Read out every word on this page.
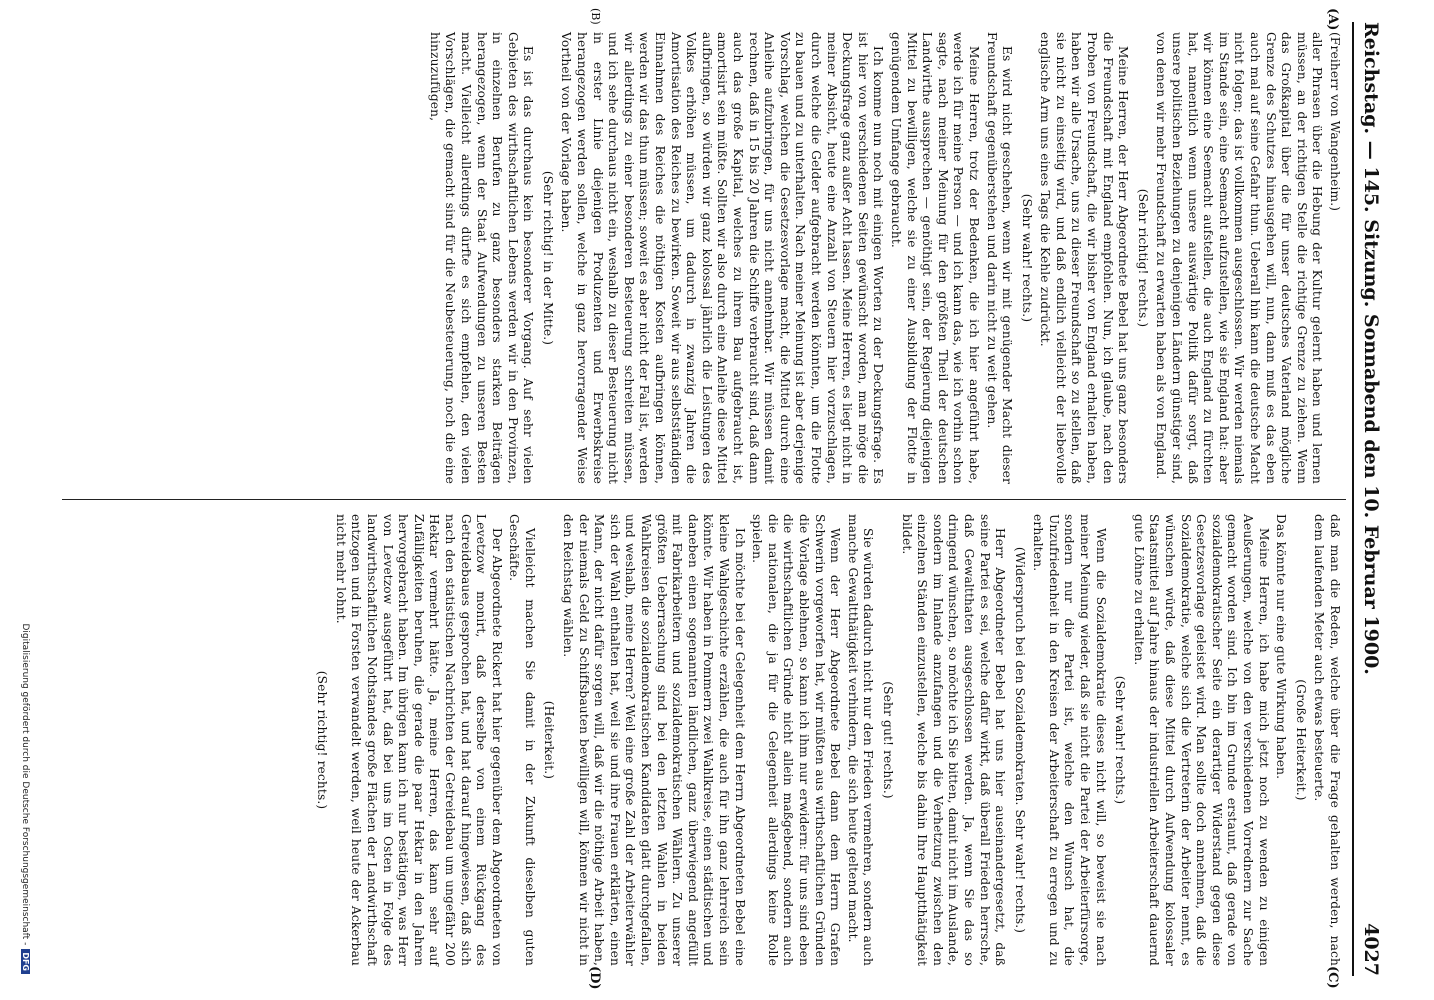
Reichstag. — 145. Sitzung. Sonnabend den 10. Februar 1900.
4027
(A)
(B)
(C)
(D)

(Freiherr von Wangenheim.)

aller Phrasen über die Hebung der Kultur gelernt haben und lernen müssen, an der richtigen Stelle die richtige Grenze zu ziehen. Wenn das Großkapital über die für unser deutsches Vaterland mögliche Grenze des Schutzes hinausgehen will, nun, dann muß es das eben auch mal auf seine Gefahr thun. Ueberall hin kann die deutsche Macht nicht folgen; das ist vollkommen ausgeschlossen. Wir werden niemals im Stande sein, eine Seemacht aufzustellen, wie sie England hat: aber wir können eine Seemacht aufstellen, die auch England zu fürchten hat, namentlich wenn unsere auswärtige Politik dafür sorgt, daß unsere politischen Beziehungen zu denjenigen Ländern günstiger sind, von denen wir mehr Freundschaft zu erwarten haben als von England.

(Sehr richtig! rechts.)

Meine Herren, der Herr Abgeordnete Bebel hat uns ganz besonders die Freundschaft mit England empfohlen. Nun, ich glaube, nach den Proben von Freundschaft, die wir bisher von England erhalten haben, haben wir alle Ursache, uns zu dieser Freundschaft so zu stellen, daß sie nicht zu einseitig wird, und daß endlich vielleicht der liebevolle englische Arm uns eines Tags die Kehle zudrückt.

(Sehr wahr! rechts.)

Es wird nicht geschehen, wenn wir mit genügender Macht dieser Freundschaft gegenüberstehen und darin nicht zu weit gehen.

Meine Herren, trotz der Bedenken, die ich hier angeführt habe, werde ich für meine Person — und ich kann das, wie ich vorhin schon sagte, nach meiner Meinung für den größten Theil der deutschen Landwirthe aussprechen — genöthigt sein, der Regierung diejenigen Mittel zu bewilligen, welche sie zu einer Ausbildung der Flotte in genügendem Umfange gebraucht.

Ich komme nun noch mit einigen Worten zu der Deckungsfrage. Es ist hier von verschiedenen Seiten gewünscht worden, man möge die Deckungsfrage ganz außer Acht lassen. Meine Herren, es liegt nicht in meiner Absicht, heute eine Anzahl von Steuern hier vorzuschlagen, durch welche die Gelder aufgebracht werden könnten, um die Flotte zu bauen und zu unterhalten. Nach meiner Meinung ist aber derjenige Vorschlag, welchen die Gesetzesvorlage macht, die Mittel durch eine Anleihe aufzubringen, für uns nicht annehmbar. Wir müssen damit rechnen, daß in 15 bis 20 Jahren die Schiffe verbraucht sind, daß dann auch das große Kapital, welches zu ihrem Bau aufgebraucht ist, amortisirt sein müßte. Sollten wir also durch eine Anleihe diese Mittel aufbringen, so würden wir ganz kolossal jährlich die Leistungen des Volkes erhöhen müssen, um dadurch in zwanzig Jahren die Amortisation des Reiches zu bewirken. Soweit wir aus selbstständigen Einnahmen des Reiches die nöthigen Kosten aufbringen können, werden wir das thun müssen; soweit es aber nicht der Fall ist, werden wir allerdings zu einer besonderen Besteuerung schreiten müssen, und ich sehe durchaus nicht ein, weshalb zu dieser Besteuerung nicht in erster Linie diejenigen Produzenten und Erwerbskreise herangezogen werden sollen, welche in ganz hervorragender Weise Vortheil von der Vorlage haben.

(Sehr richtig! in der Mitte.)

Es ist das durchaus kein besonderer Vorgang. Auf sehr vielen Gebieten des wirthschaftlichen Lebens werden wir in den Provinzen, in einzelnen Berufen zu ganz besonders starken Beiträgen herangezogen, wenn der Staat Aufwendungen zu unseren Besten macht. Vielleicht allerdings dürfte es sich empfehlen, den vielen Vorschlägen, die gemacht sind für die Neubesteuerung, noch die eine hinzuzufügen,

daß man die Reden, welche über die Frage gehalten werden, nach dem laufenden Meter auch etwas besteuerte.

(Große Heiterkeit.)

Das könnte nur eine gute Wirkung haben.

Meine Herren, ich habe mich jetzt noch zu wenden zu einigen Aeußerungen, welche von den verschiedenen Vorrednern zur Sache gemacht worden sind. Ich bin im Grunde erstaunt, daß gerade von sozialdemokratischer Seite ein derartiger Widerstand gegen diese Gesetzesvorlage geleistet wird. Man sollte doch annehmen, daß die Sozialdemokratie, welche sich die Vertreterin der Arbeiter nennt, es wünschen würde, daß diese Mittel durch Aufwendung kolossaler Staatsmittel auf Jahre hinaus der industriellen Arbeiterschaft dauernd gute Löhne zu erhalten.

(Sehr wahr! rechts.)

Wenn die Sozialdemokratie dieses nicht will, so beweist sie nach meiner Meinung wieder, daß sie nicht die Partei der Arbeiterfürsorge, sondern nur die Partei ist, welche den Wunsch hat, die Unzufriedenheit in den Kreisen der Arbeiterschaft zu erregen und zu erhalten.

(Widerspruch bei den Sozialdemokraten. Sehr wahr! rechts.)

Herr Abgeordneter Bebel hat uns hier auseinandergesetzt, daß seine Partei es sei, welche dafür wirkt, daß überall Frieden herrsche, daß Gewaltthaten ausgeschlossen werden. Ja, wenn Sie das so dringend wünschen, so möchte ich Sie bitten, damit nicht im Auslande, sondern im Inlande anzufangen und die Verhetzung zwischen den einzelnen Ständen einzustellen, welche bis dahin Ihre Hauptthätigkeit bildet.

(Sehr gut! rechts.)

Sie würden dadurch nicht nur den Frieden vermehren, sondern auch manche Gewaltthätigkeit verhindern, die sich heute geltend macht.

Wenn der Herr Abgeordnete Bebel dann dem Herrn Grafen Schwerin vorgeworfen hat, wir müßten aus wirthschaftlichen Gründen die Vorlage ablehnen, so kann ich ihm nur erwidern: für uns sind eben die wirthschaftlichen Gründe nicht allein maßgebend, sondern auch die nationalen, die ja für die Gelegenheit allerdings keine Rolle spielen.

Ich möchte bei der Gelegenheit dem Herrn Abgeordneten Bebel eine kleine Wahlgeschichte erzählen, die auch für ihn ganz lehrreich sein könnte. Wir haben in Pommern zwei Wahlkreise, einen städtischen und daneben einen sogenannten ländlichen, ganz überwiegend angefüllt mit Fabrikarbeitern und sozialdemokratischen Wählern. Zu unserer größten Ueberraschung sind bei den letzten Wahlen in beiden Wahlkreisen die sozialdemokratischen Kandidaten glatt durchgefallen, und weshalb, meine Herren? Weil eine große Zahl der Arbeiterwähler sich der Wahl enthalten hat, weil sie und ihre Frauen erklärten, einen Mann, der nicht dafür sorgen will, daß wir die nöthige Arbeit haben, der niemals Geld zu Schiffsbauten bewilligen will, können wir nicht in den Reichstag wählen.

(Heiterkeit.)

Vielleicht machen Sie damit in der Zukunft dieselben guten Geschäfte.

Der Abgeordnete Rickert hat hier gegenüber dem Abgeordneten von Levetzow monirt, daß derselbe von einem Rückgang des Getreidebaues gesprochen hat, und hat darauf hingewiesen, daß sich nach den statistischen Nachrichten der Getreidebau um ungefähr 200 Hektar vermehrt hätte. Ja, meine Herren, das kann sehr auf Zufälligkeiten beruhen, die gerade die paar Hektar in den Jahren hervorgebracht haben. Im übrigen kann ich nur bestätigen, was Herr von Levetzow ausgeführt hat, daß bei uns im Osten in Folge des landwirthschaftlichen Nothstandes große Flächen der Landwirthschaft entzogen und in Forsten verwandelt werden, weil heute der Ackerbau nicht mehr lohnt.

(Sehr richtig! rechts.)

Digitalisierung gefördert durch die Deutsche Forschungsgemeinschaft -DFG
